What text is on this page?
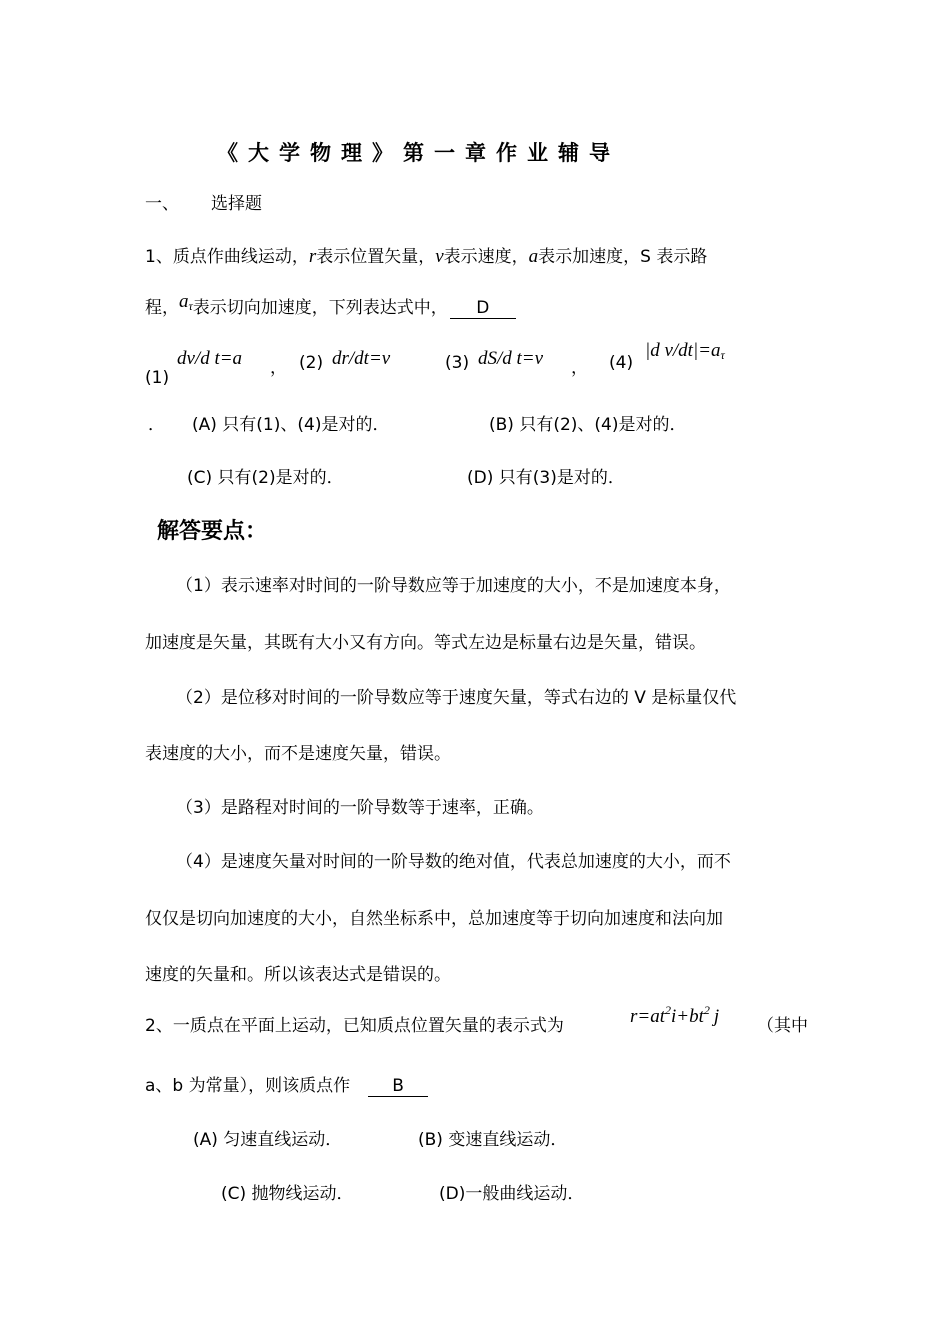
《大学物理》第一章作业辅导
一、 选择题
1、质点作曲线运动，r表示位置矢量，v表示速度，a表示加速度，S 表示路
程，$a_\tau$表示切向加速度，下列表达式中， D
(1)
dv/d t=a ， (2) dr/dt=v	(3) dS/d t=v ， (4)
|d $v/dt|=a_\tau$
． (A) 只有(1)、(4)是对的．	(B) 只有(2)、(4)是对的．
(C) 只有(2)是对的．	(D) 只有(3)是对的．
解答要点：
（1）表示速率对时间的一阶导数应等于加速度的大小，不是加速度本身，
加速度是矢量，其既有大小又有方向。等式左边是标量右边是矢量，错误。
（2）是位移对时间的一阶导数应等于速度矢量，等式右边的 V 是标量仅代
表速度的大小，而不是速度矢量，错误。
（3）是路程对时间的一阶导数等于速率，正确。
（4）是速度矢量对时间的一阶导数的绝对值，代表总加速度的大小，而不
仅仅是切向加速度的大小，自然坐标系中，总加速度等于切向加速度和法向加
速度的矢量和。所以该表达式是错误的。
2、一质点在平面上运动，已知质点位置矢量的表示式为	$r=at^2i+bt^2$ j （其中
a、b 为常量），则该质点作 B
(A) 匀速直线运动．	(B) 变速直线运动．
(C) 抛物线运动．	(D)一般曲线运动．
